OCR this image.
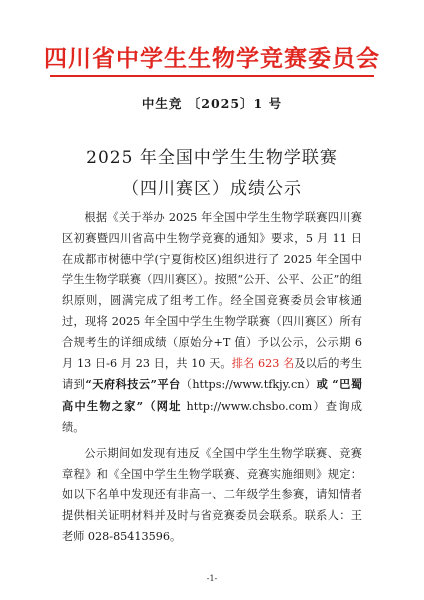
四川省中学生生物学竞赛委员会
中生竞 〔2025〕1 号
2025 年全国中学生生物学联赛
（四川赛区）成绩公示

根据《关于举办 2025 年全国中学生生物学联赛四川赛区初赛暨四川省高中生物学竞赛的通知》要求，5 月 11 日在成都市树德中学(宁夏街校区)组织进行了 2025 年全国中学生生物学联赛（四川赛区）。按照“公开、公平、公正”的组织原则，圆满完成了组考工作。经全国竞赛委员会审核通过，现将 2025 年全国中学生生物学联赛（四川赛区）所有合规考生的详细成绩（原始分+T 值）予以公示，公示期 6 月 13 日-6 月 23 日，共 10 天。排名 623 名及以后的考生请到“天府科技云”平台（https://www.tfkjy.cn）或 “巴蜀高中生物之家”（网址 http://www.chsbo.com）查询成绩。

公示期间如发现有违反《全国中学生生物学联赛、竞赛章程》和《全国中学生生物学联赛、竞赛实施细则》规定：如以下名单中发现还有非高一、二年级学生参赛，请知情者提供相关证明材料并及时与省竞赛委员会联系。联系人：王老师 028-85413596。

-1-
